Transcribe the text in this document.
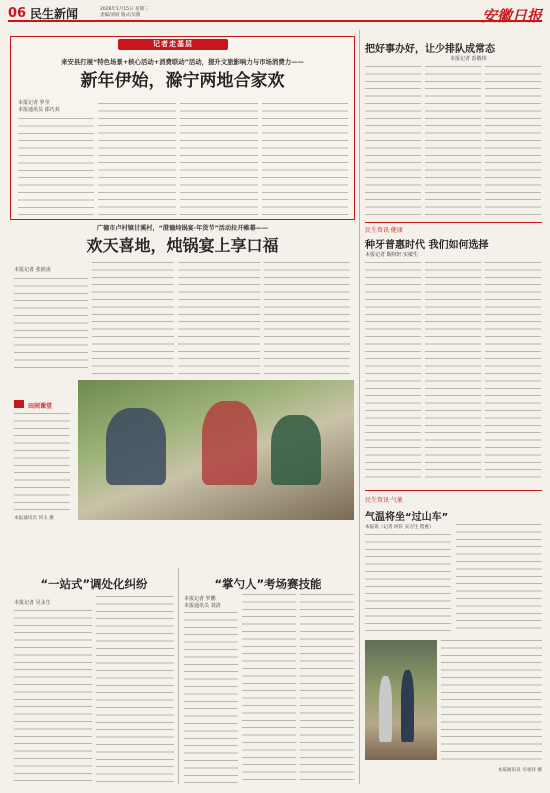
06 民生新闻	2026年1月15日 星期三
责编/刘妍 版式/吴敬	安徽日报
记者走基层
来安县打展“特色场景+核心活动+消费联动”活动，提升文旅影响力与市场消费力——
新年伊始，滁宁两地合家欢
本报记者 罗莹
本报通讯员 邵巧双
广德市卢村镇甘溪村，“澄德炖锅宴·年货节”活动拉开帷幕——
欢天喜地，炖锅宴上享口福
本报记者 张嵌凌
田间课堂
本报通讯员 何玉 摄
“一站式”调处化纠纷
本报记者 吴永生
“掌勺人”考场赛技能
本报记者 罗鹏
本报通讯员 刘清
把好事办好，让少排队成常态
本报记者 彭敬伟
民生资讯·健康
种牙普惠时代 我们如何选择
本报记者 陶林轩 实敏生
民生资讯·气象
气温将坐“过山车”
本报讯（记者 何轩 实习生 程惠）
本报通讯员 司承祥 摄
